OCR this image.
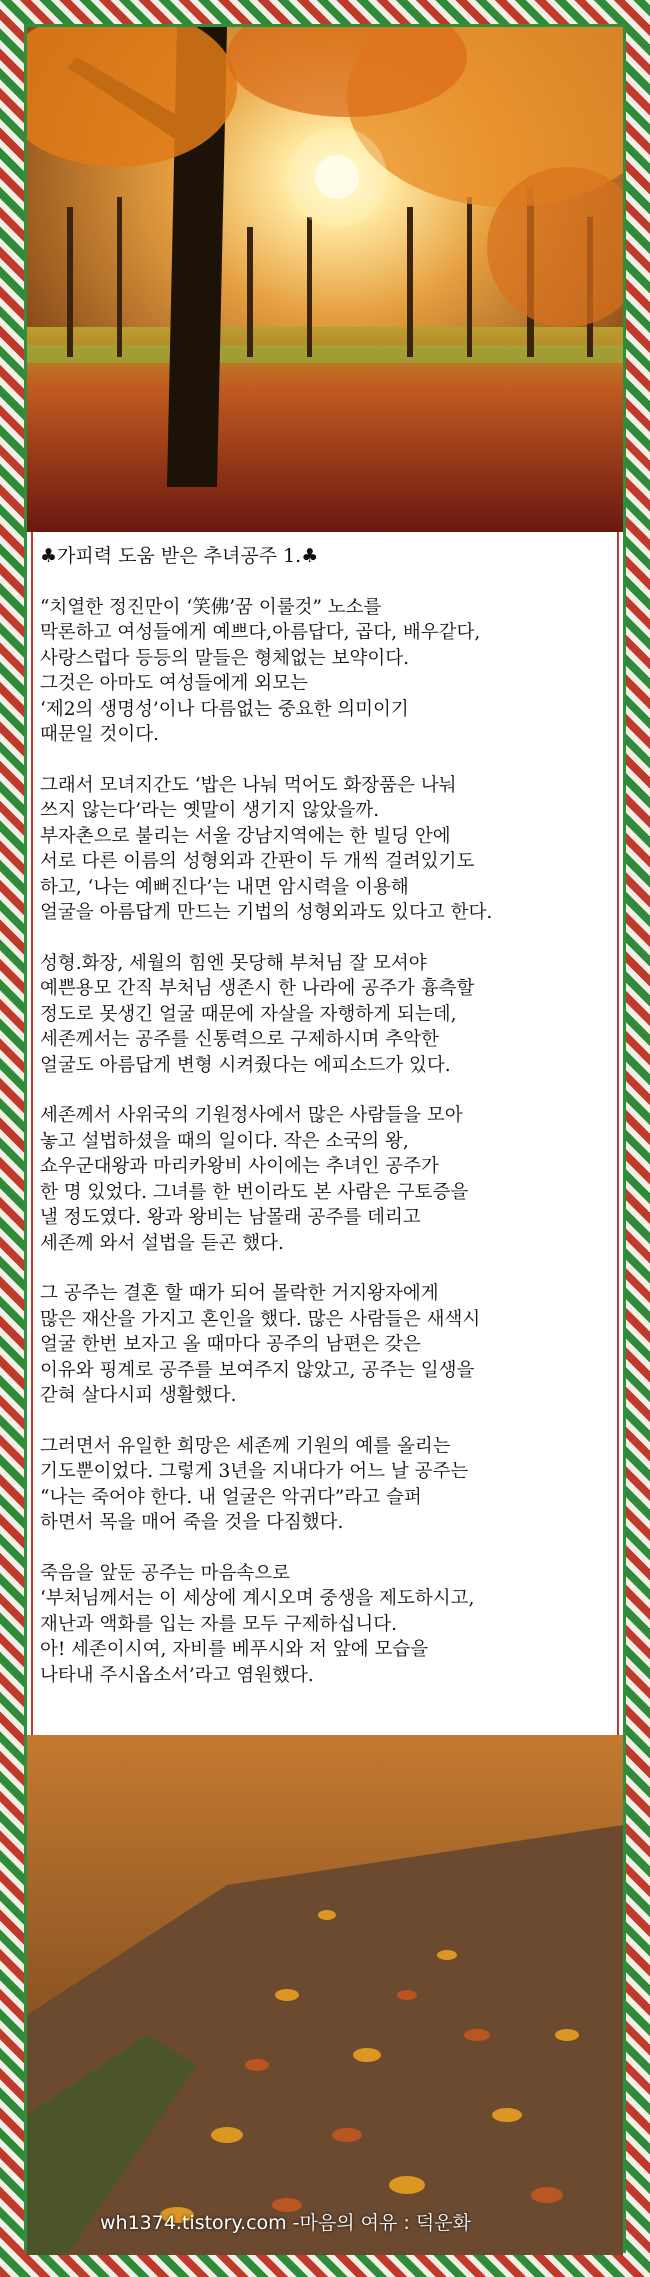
♣가피력 도움 받은 추녀공주 1.♣
“치열한 정진만이 ‘笑佛’꿈 이룰것” 노소를
막론하고 여성들에게 예쁘다,아름답다, 곱다, 배우같다,
사랑스럽다 등등의 말들은 형체없는 보약이다.
그것은 아마도 여성들에게 외모는
‘제2의 생명성’이나 다름없는 중요한 의미이기
때문일 것이다.
그래서 모녀지간도 ‘밥은 나눠 먹어도 화장품은 나눠
쓰지 않는다’라는 옛말이 생기지 않았을까.
부자촌으로 불리는 서울 강남지역에는 한 빌딩 안에
서로 다른 이름의 성형외과 간판이 두 개씩 걸려있기도
하고, ‘나는 예뻐진다’는 내면 암시력을 이용해
얼굴을 아름답게 만드는 기법의 성형외과도 있다고 한다.
성형.화장, 세월의 힘엔 못당해 부처님 잘 모셔야
예쁜용모 간직 부처님 생존시 한 나라에 공주가 흉측할
정도로 못생긴 얼굴 때문에 자살을 자행하게 되는데,
세존께서는 공주를 신통력으로 구제하시며 추악한
얼굴도 아름답게 변형 시켜줬다는 에피소드가 있다.
세존께서 사위국의 기원정사에서 많은 사람들을 모아
놓고 설법하셨을 때의 일이다. 작은 소국의 왕,
쇼우군대왕과 마리카왕비 사이에는 추녀인 공주가
한 명 있었다. 그녀를 한 번이라도 본 사람은 구토증을
낼 정도였다. 왕과 왕비는 남몰래 공주를 데리고
세존께 와서 설법을 듣곤 했다.
그 공주는 결혼 할 때가 되어 몰락한 거지왕자에게
많은 재산을 가지고 혼인을 했다. 많은 사람들은 새색시
얼굴 한번 보자고 올 때마다 공주의 남편은 갖은
이유와 핑계로 공주를 보여주지 않았고, 공주는 일생을
갇혀 살다시피 생활했다.
그러면서 유일한 희망은 세존께 기원의 예를 올리는
기도뿐이었다. 그렇게 3년을 지내다가 어느 날 공주는
“나는 죽어야 한다. 내 얼굴은 악귀다”라고 슬퍼
하면서 목을 매어 죽을 것을 다짐했다.
죽음을 앞둔 공주는 마음속으로
‘부처님께서는 이 세상에 계시오며 중생을 제도하시고,
재난과 액화를 입는 자를 모두 구제하십니다.
아! 세존이시여, 자비를 베푸시와 저 앞에 모습을
나타내 주시옵소서’라고 염원했다.
wh1374.tistory.com -마음의 여유 : 덕운화
